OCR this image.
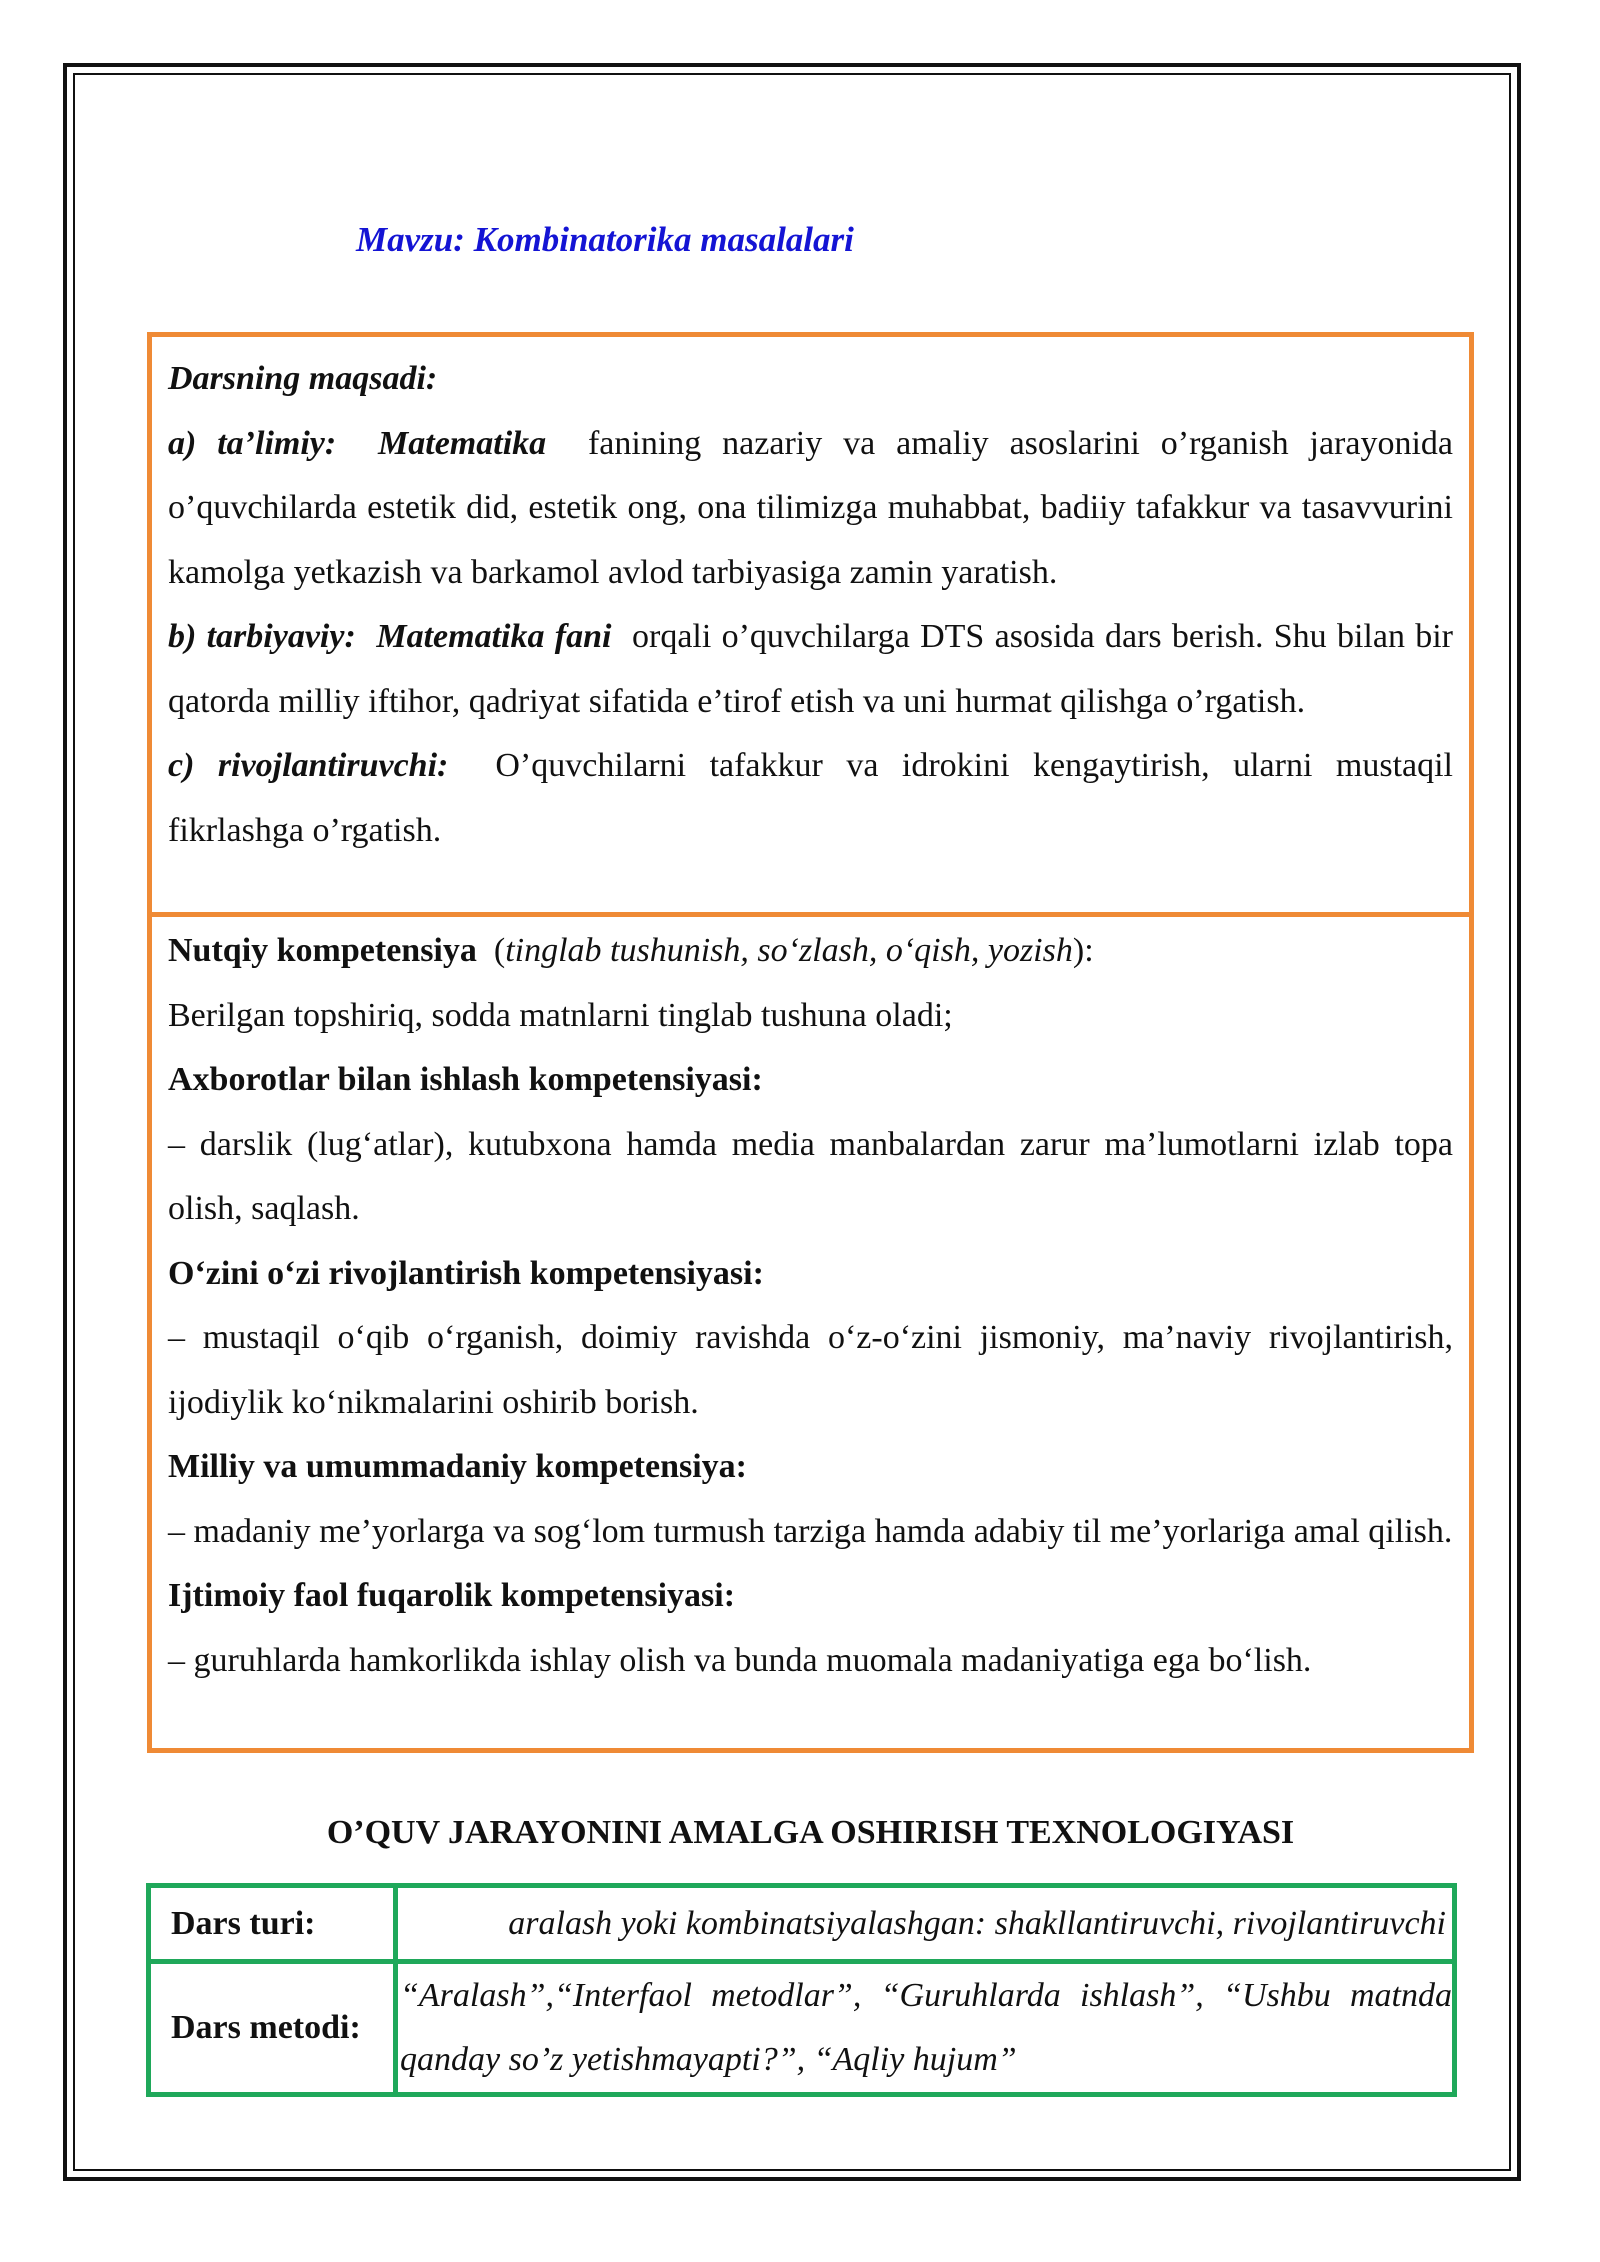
Mavzu: Kombinatorika masalalari
Darsning maqsadi:
a) ta’limiy: Matematika fanining nazariy va amaliy asoslarini o’rganish jarayonida o’quvchilarda estetik did, estetik ong, ona tilimizga muhabbat, badiiy tafakkur va tasavvurini kamolga yetkazish va barkamol avlod tarbiyasiga zamin yaratish.
b) tarbiyaviy: Matematika fani orqali o’quvchilarga DTS asosida dars berish. Shu bilan bir qatorda milliy iftihor, qadriyat sifatida e’tirof etish va uni hurmat qilishga o’rgatish.
c) rivojlantiruvchi: O’quvchilarni tafakkur va idrokini kengaytirish, ularni mustaqil fikrlashga o’rgatish.
Nutqiy kompetensiya (tinglab tushunish, so‘zlash, o‘qish, yozish):
Berilgan topshiriq, sodda matnlarni tinglab tushuna oladi;
Axborotlar bilan ishlash kompetensiyasi:
– darslik (lug‘atlar), kutubxona hamda media manbalardan zarur ma’lumotlarni izlab topa olish, saqlash.
O‘zini o‘zi rivojlantirish kompetensiyasi:
– mustaqil o‘qib o‘rganish, doimiy ravishda o‘z-o‘zini jismoniy, ma’naviy rivojlantirish, ijodiylik ko‘nikmalarini oshirib borish.
Milliy va umummadaniy kompetensiya:
– madaniy me’yorlarga va sog‘lom turmush tarziga hamda adabiy til me’yorlariga amal qilish.
Ijtimoiy faol fuqarolik kompetensiyasi:
– guruhlarda hamkorlikda ishlay olish va bunda muomala madaniyatiga ega bo‘lish.
O’QUV JARAYONINI AMALGA OSHIRISH TEXNOLOGIYASI
Dars turi:	aralash yoki kombinatsiyalashgan: shakllantiruvchi, rivojlantiruvchi
Dars metodi:	“Aralash”,“Interfaol metodlar”, “Guruhlarda ishlash”, “Ushbu matnda qanday so’z yetishmayapti?”, “Aqliy hujum”
